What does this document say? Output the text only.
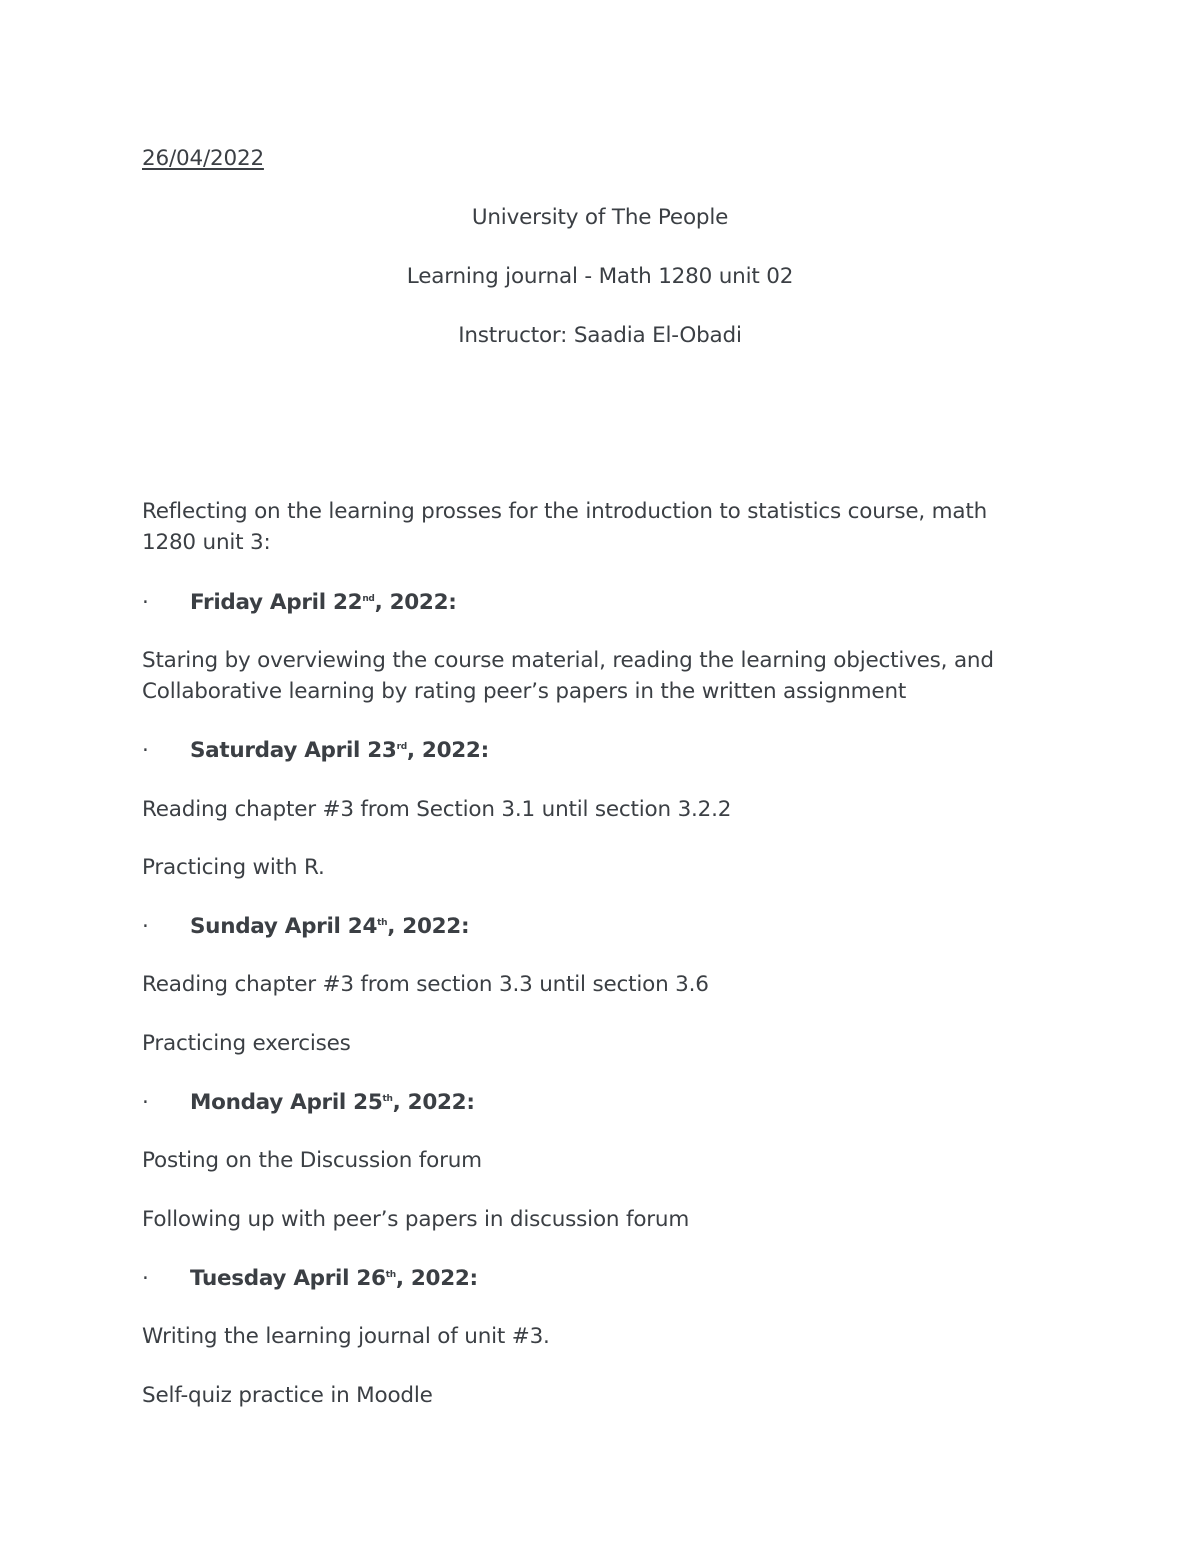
26/04/2022
University of The People
Learning journal - Math 1280 unit 02
Instructor: Saadia El-Obadi
Reflecting on the learning prosses for the introduction to statistics course, math 1280 unit 3:
· Friday April 22nd, 2022:
Staring by overviewing the course material, reading the learning objectives, and Collaborative learning by rating peer’s papers in the written assignment
· Saturday April 23rd, 2022:
Reading chapter #3 from Section 3.1 until section 3.2.2
Practicing with R.
· Sunday April 24th, 2022:
Reading chapter #3 from section 3.3 until section 3.6
Practicing exercises
· Monday April 25th, 2022:
Posting on the Discussion forum
Following up with peer’s papers in discussion forum
· Tuesday April 26th, 2022:
Writing the learning journal of unit #3.
Self-quiz practice in Moodle
